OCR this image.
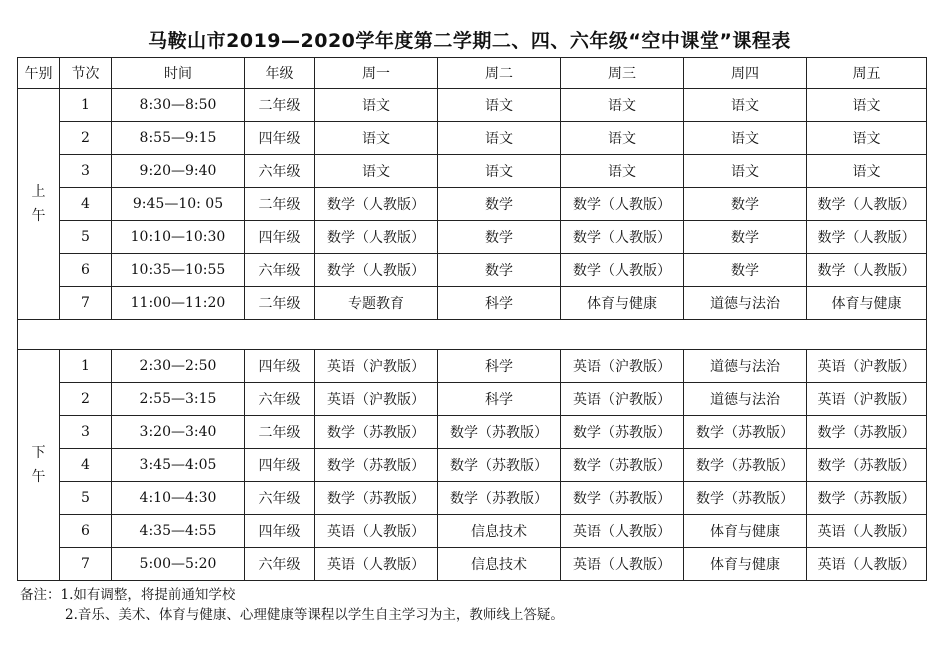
马鞍山市2019—2020学年度第二学期二、四、六年级“空中课堂”课程表
午别	节次	时间	年级	周一	周二	周三	周四	周五
上
午	1	8:30—8:50	二年级	语文	语文	语文	语文	语文
	2	8:55—9:15	四年级	语文	语文	语文	语文	语文
	3	9:20—9:40	六年级	语文	语文	语文	语文	语文
	4	9:45—10: 05	二年级	数学（人教版）	数学	数学（人教版）	数学	数学（人教版）
	5	10:10—10:30	四年级	数学（人教版）	数学	数学（人教版）	数学	数学（人教版）
	6	10:35—10:55	六年级	数学（人教版）	数学	数学（人教版）	数学	数学（人教版）
	7	11:00—11:20	二年级	专题教育	科学	体育与健康	道德与法治	体育与健康

下
午	1	2:30—2:50	四年级	英语（沪教版）	科学	英语（沪教版）	道德与法治	英语（沪教版）
	2	2:55—3:15	六年级	英语（沪教版）	科学	英语（沪教版）	道德与法治	英语（沪教版）
	3	3:20—3:40	二年级	数学（苏教版）	数学（苏教版）	数学（苏教版）	数学（苏教版）	数学（苏教版）
	4	3:45—4:05	四年级	数学（苏教版）	数学（苏教版）	数学（苏教版）	数学（苏教版）	数学（苏教版）
	5	4:10—4:30	六年级	数学（苏教版）	数学（苏教版）	数学（苏教版）	数学（苏教版）	数学（苏教版）
	6	4:35—4:55	四年级	英语（人教版）	信息技术	英语（人教版）	体育与健康	英语（人教版）
	7	5:00—5:20	六年级	英语（人教版）	信息技术	英语（人教版）	体育与健康	英语（人教版）
备注：1.如有调整，将提前通知学校
2.音乐、美术、体育与健康、心理健康等课程以学生自主学习为主，教师线上答疑。
